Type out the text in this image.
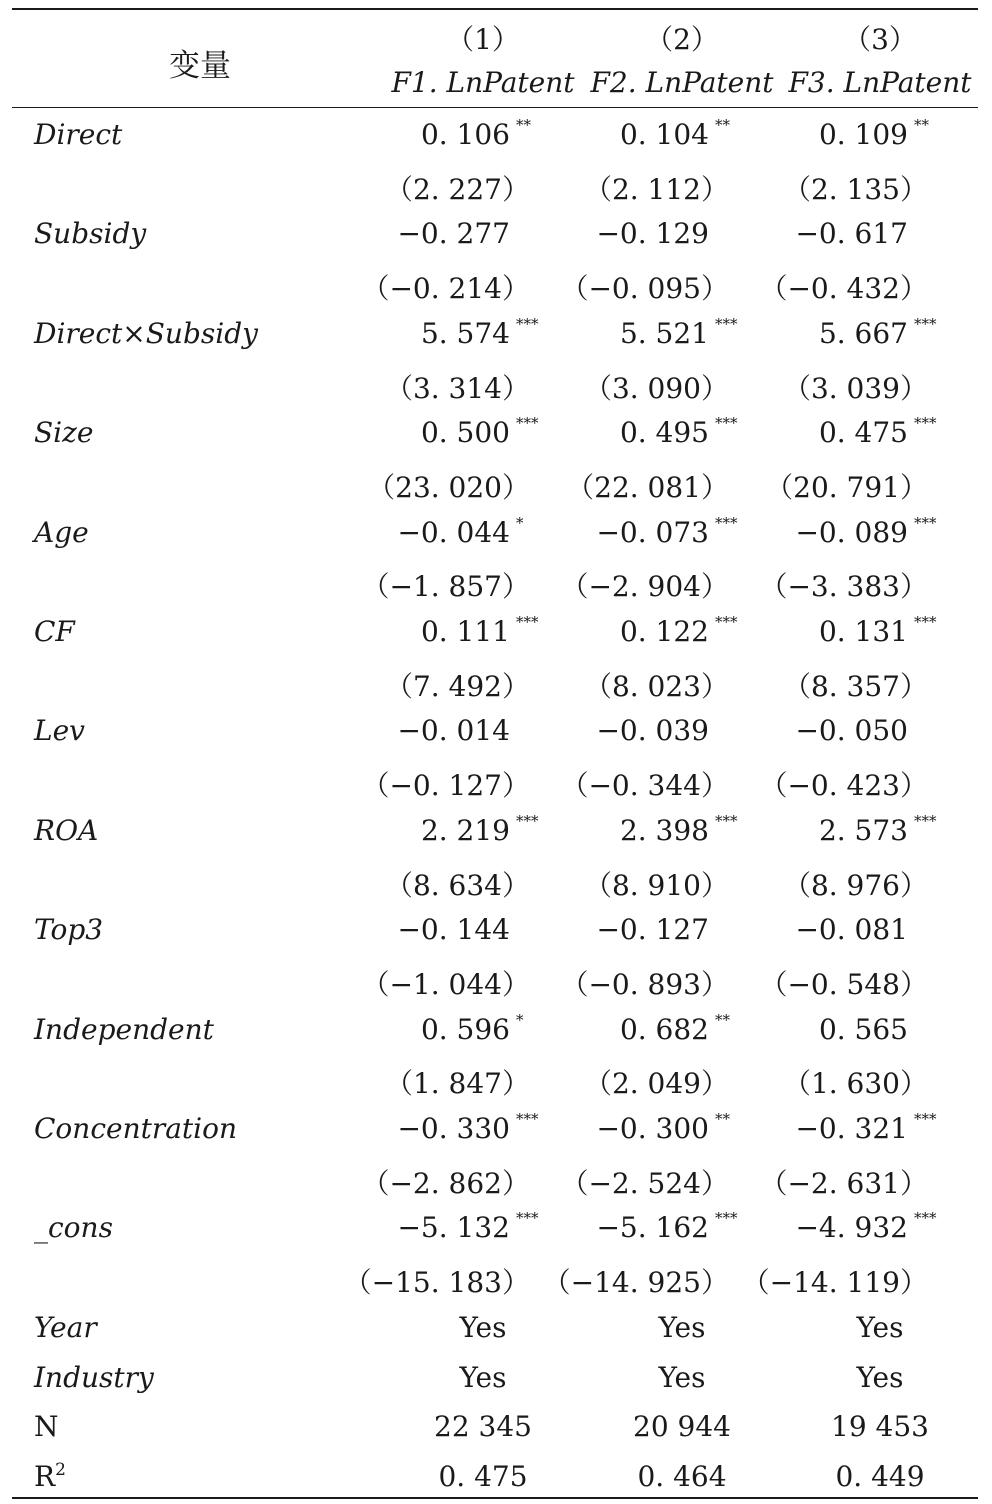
变量
（1）	（2）	（3）
F1. LnPatent F2. LnPatent F3. LnPatent
Direct	0. 106 **	0. 104 **	0. 109 **
（2. 227）	（2. 112）	（2. 135）
Subsidy	−0. 277	−0. 129	−0. 617
（−0. 214）	（−0. 095）	（−0. 432）
Direct×Subsidy	5. 574 ***	5. 521 ***	5. 667 ***
（3. 314）	（3. 090）	（3. 039）
Size	0. 500 ***	0. 495 ***	0. 475 ***
（23. 020）	（22. 081）	（20. 791）
Age	−0. 044 *	−0. 073 ***	−0. 089 ***
（−1. 857）	（−2. 904）	（−3. 383）
CF	0. 111 ***	0. 122 ***	0. 131 ***
（7. 492）	（8. 023）	（8. 357）
Lev	−0. 014	−0. 039	−0. 050
（−0. 127）	（−0. 344）	（−0. 423）
ROA	2. 219 ***	2. 398 ***	2. 573 ***
（8. 634）	（8. 910）	（8. 976）
Top3	−0. 144	−0. 127	−0. 081
（−1. 044）	（−0. 893）	（−0. 548）
Independent	0. 596 *	0. 682 **	0. 565
（1. 847）	（2. 049）	（1. 630）
Concentration	−0. 330 ***	−0. 300 **	−0. 321 ***
（−2. 862）	（−2. 524）	（−2. 631）
_cons	−5. 132 ***	−5. 162 ***	−4. 932 ***
（−15. 183） （−14. 925） （−14. 119）
Year	Yes	Yes	Yes
Industry	Yes	Yes	Yes
N	22 345	20 944	19 453
$R^2$	0. 475	0. 464	0. 449
